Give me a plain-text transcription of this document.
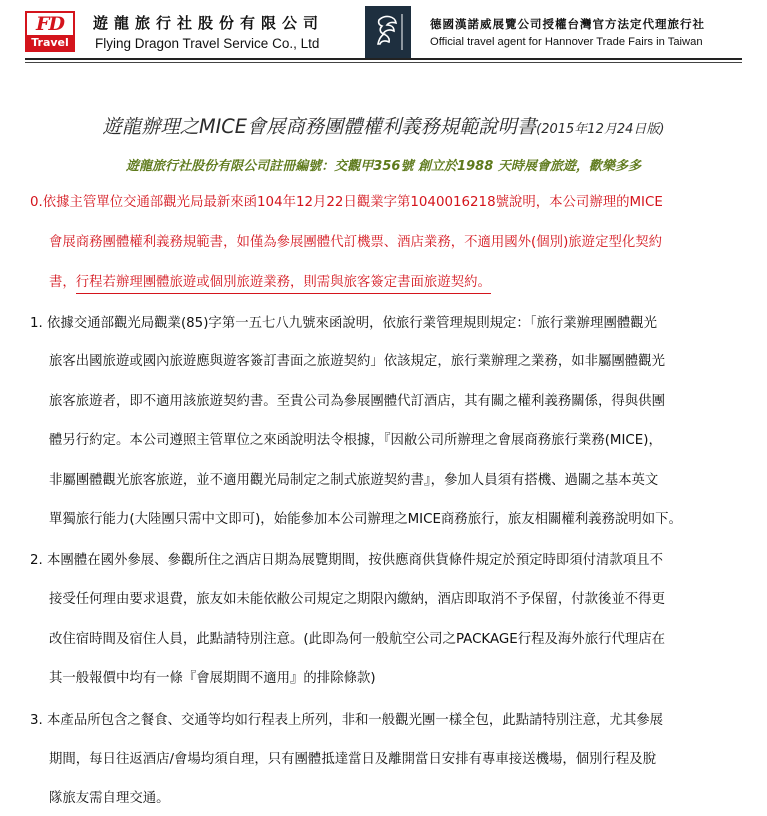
FD
Travel
遊龍旅行社股份有限公司
Flying Dragon Travel Service Co., Ltd
德國漢諾威展覽公司授權台灣官方法定代理旅行社
Official travel agent for Hannover Trade Fairs in Taiwan
遊龍辦理之MICE會展商務團體權利義務規範說明書(2015年12月24日版)
遊龍旅行社股份有限公司註冊編號：交觀甲356號 創立於1988 天時展會旅遊，歡樂多多
0.依據主管單位交通部觀光局最新來函104年12月22日觀業字第1040016218號說明，本公司辦理的MICE
會展商務團體權利義務規範書，如僅為參展團體代訂機票、酒店業務，不適用國外(個別)旅遊定型化契約
書，行程若辦理團體旅遊或個別旅遊業務，則需與旅客簽定書面旅遊契約。
1. 依據交通部觀光局觀業(85)字第一五七八九號來函說明，依旅行業管理規則規定：「旅行業辦理團體觀光
旅客出國旅遊或國內旅遊應與遊客簽訂書面之旅遊契約」依該規定，旅行業辦理之業務，如非屬團體觀光
旅客旅遊者，即不適用該旅遊契約書。至貴公司為參展團體代訂酒店，其有關之權利義務關係，得與供團
體另行約定。本公司遵照主管單位之來函說明法令根據，『因敝公司所辦理之會展商務旅行業務(MICE)，
非屬團體觀光旅客旅遊，並不適用觀光局制定之制式旅遊契約書』，參加人員須有搭機、過關之基本英文
單獨旅行能力(大陸團只需中文即可)，始能參加本公司辦理之MICE商務旅行，旅友相關權利義務說明如下。
2. 本團體在國外參展、參觀所住之酒店日期為展覽期間，按供應商供貨條件規定於預定時即須付清款項且不
接受任何理由要求退費，旅友如未能依敝公司規定之期限內繳納，酒店即取消不予保留，付款後並不得更
改住宿時間及宿住人員，此點請特別注意。(此即為何一般航空公司之PACKAGE行程及海外旅行代理店在
其一般報價中均有一條『會展期間不適用』的排除條款)
3. 本產品所包含之餐食、交通等均如行程表上所列，非和一般觀光團一樣全包，此點請特別注意，尤其參展
期間，每日往返酒店/會場均須自理，只有團體抵達當日及離開當日安排有專車接送機場，個別行程及脫
隊旅友需自理交通。
